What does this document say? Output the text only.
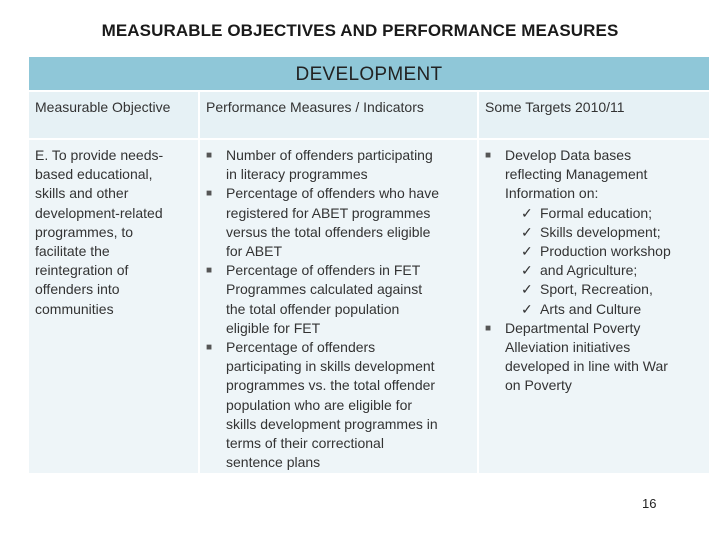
MEASURABLE OBJECTIVES AND PERFORMANCE MEASURES
DEVELOPMENT
Measurable Objective	Performance Measures / Indicators	Some Targets 2010/11
E. To provide needs-
based educational,
skills and other
development-related
programmes, to
facilitate the
reintegration of
offenders into
communities
■ Number of offenders participating
in literacy programmes
■ Percentage of offenders who have
registered for ABET programmes
versus the total offenders eligible
for ABET
■ Percentage of offenders in FET
Programmes calculated against
the total offender population
eligible for FET
■ Percentage of offenders
participating in skills development
programmes vs. the total offender
population who are eligible for
skills development programmes in
terms of their correctional
sentence plans
■ Develop Data bases
reflecting Management
Information on:
✓ Formal education;
✓ Skills development;
✓ Production workshop
✓ and Agriculture;
✓ Sport, Recreation,
✓ Arts and Culture
■ Departmental Poverty
Alleviation initiatives
developed in line with War
on Poverty
16
